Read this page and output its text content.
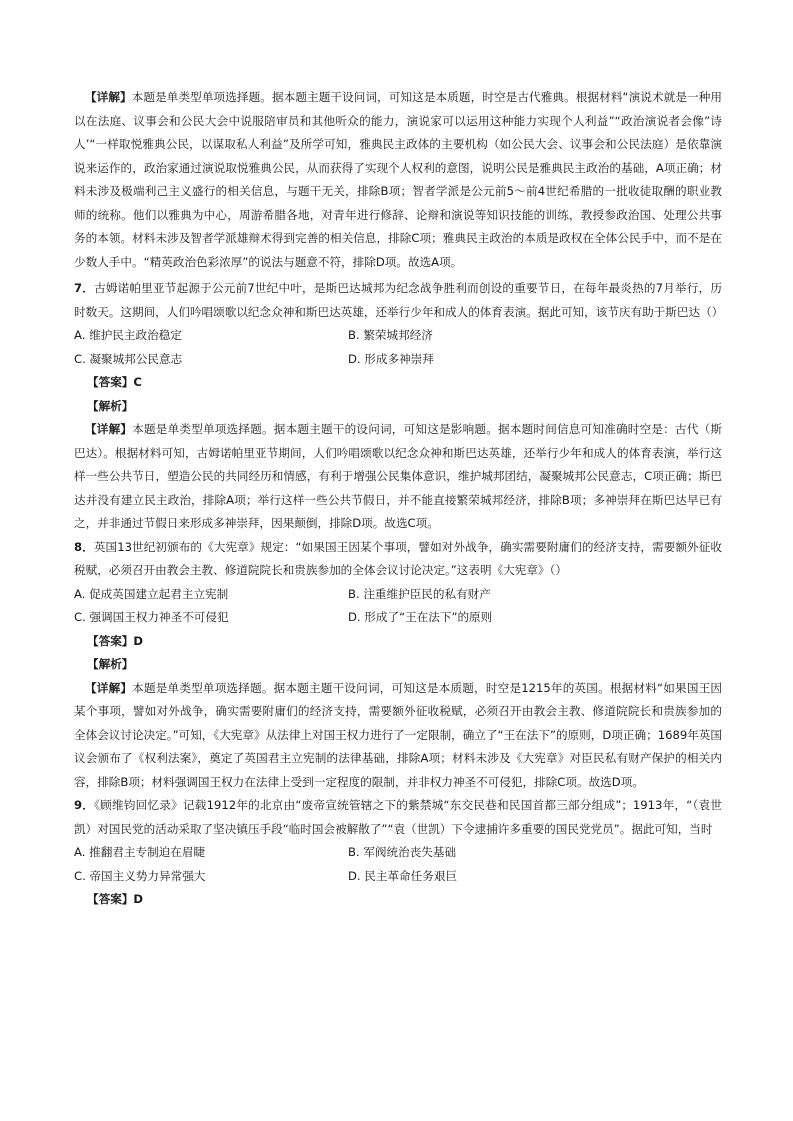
【详解】本题是单类型单项选择题。据本题主题干设问词，可知这是本质题，时空是古代雅典。根据材料“演说术就是一种用以在法庭、议事会和公民大会中说服陪审员和其他听众的能力，演说家可以运用这种能力实现个人利益”“政治演说者会像”诗人’“一样取悦雅典公民，以谋取私人利益”及所学可知，雅典民主政体的主要机构（如公民大会、议事会和公民法庭）是依靠演说来运作的，政治家通过演说取悦雅典公民，从而获得了实现个人权利的意图，说明公民是雅典民主政治的基础，A项正确；材料未涉及极端利己主义盛行的相关信息，与题干无关，排除B项；智者学派是公元前5～前4世纪希腊的一批收徒取酬的职业教师的统称。他们以雅典为中心，周游希腊各地，对青年进行修辞、论辩和演说等知识技能的训练，教授参政治国、处理公共事务的本领。材料未涉及智者学派雄辩术得到完善的相关信息，排除C项；雅典民主政治的本质是政权在全体公民手中，而不是在少数人手中。“精英政治色彩浓厚”的说法与题意不符，排除D项。故选A项。

7．古姆诺帕里亚节起源于公元前7世纪中叶，是斯巴达城邦为纪念战争胜利而创设的重要节日，在每年最炎热的7月举行，历时数天。这期间，人们吟唱颂歌以纪念众神和斯巴达英雄，还举行少年和成人的体育表演。据此可知，该节庆有助于斯巴达（）

A. 维护民主政治稳定	B. 繁荣城邦经济
C. 凝聚城邦公民意志	D. 形成多神崇拜

【答案】C

【解析】

【详解】本题是单类型单项选择题。据本题主题干的设问词，可知这是影响题。据本题时间信息可知准确时空是：古代（斯巴达）。根据材料可知，古姆诺帕里亚节期间，人们吟唱颂歌以纪念众神和斯巴达英雄，还举行少年和成人的体育表演，举行这样一些公共节日，塑造公民的共同经历和情感，有利于增强公民集体意识，维护城邦团结，凝聚城邦公民意志，C项正确；斯巴达并没有建立民主政治，排除A项；举行这样一些公共节假日，并不能直接繁荣城邦经济，排除B项；多神崇拜在斯巴达早已有之，并非通过节假日来形成多神崇拜，因果颠倒，排除D项。故选C项。

8．英国13世纪初颁布的《大宪章》规定：“如果国王因某个事项，譬如对外战争，确实需要附庸们的经济支持，需要额外征收税赋，必须召开由教会主教、修道院院长和贵族参加的全体会议讨论决定。”这表明《大宪章》（）

A. 促成英国建立起君主立宪制	B. 注重维护臣民的私有财产
C. 强调国王权力神圣不可侵犯	D. 形成了“王在法下”的原则

【答案】D

【解析】

【详解】本题是单类型单项选择题。据本题主题干设问词，可知这是本质题，时空是1215年的英国。根据材料“如果国王因某个事项，譬如对外战争，确实需要附庸们的经济支持，需要额外征收税赋，必须召开由教会主教、修道院院长和贵族参加的全体会议讨论决定。”可知，《大宪章》从法律上对国王权力进行了一定限制，确立了“王在法下”的原则，D项正确；1689年英国议会颁布了《权利法案》，奠定了英国君主立宪制的法律基础，排除A项；材料未涉及《大宪章》对臣民私有财产保护的相关内容，排除B项；材料强调国王权力在法律上受到一定程度的限制，并非权力神圣不可侵犯，排除C项。故选D项。

9．《顾维钧回忆录》记载1912年的北京由“废帝宣统管辖之下的紫禁城“东交民巷和民国首都三部分组成”；1913年，“（袁世凯）对国民党的活动采取了坚决镇压手段“临时国会被解散了”“袁（世凯）下令逮捕许多重要的国民党党员”。据此可知，当时

A. 推翻君主专制迫在眉睫	B. 军阀统治丧失基础
C. 帝国主义势力异常强大	D. 民主革命任务艰巨

【答案】D
